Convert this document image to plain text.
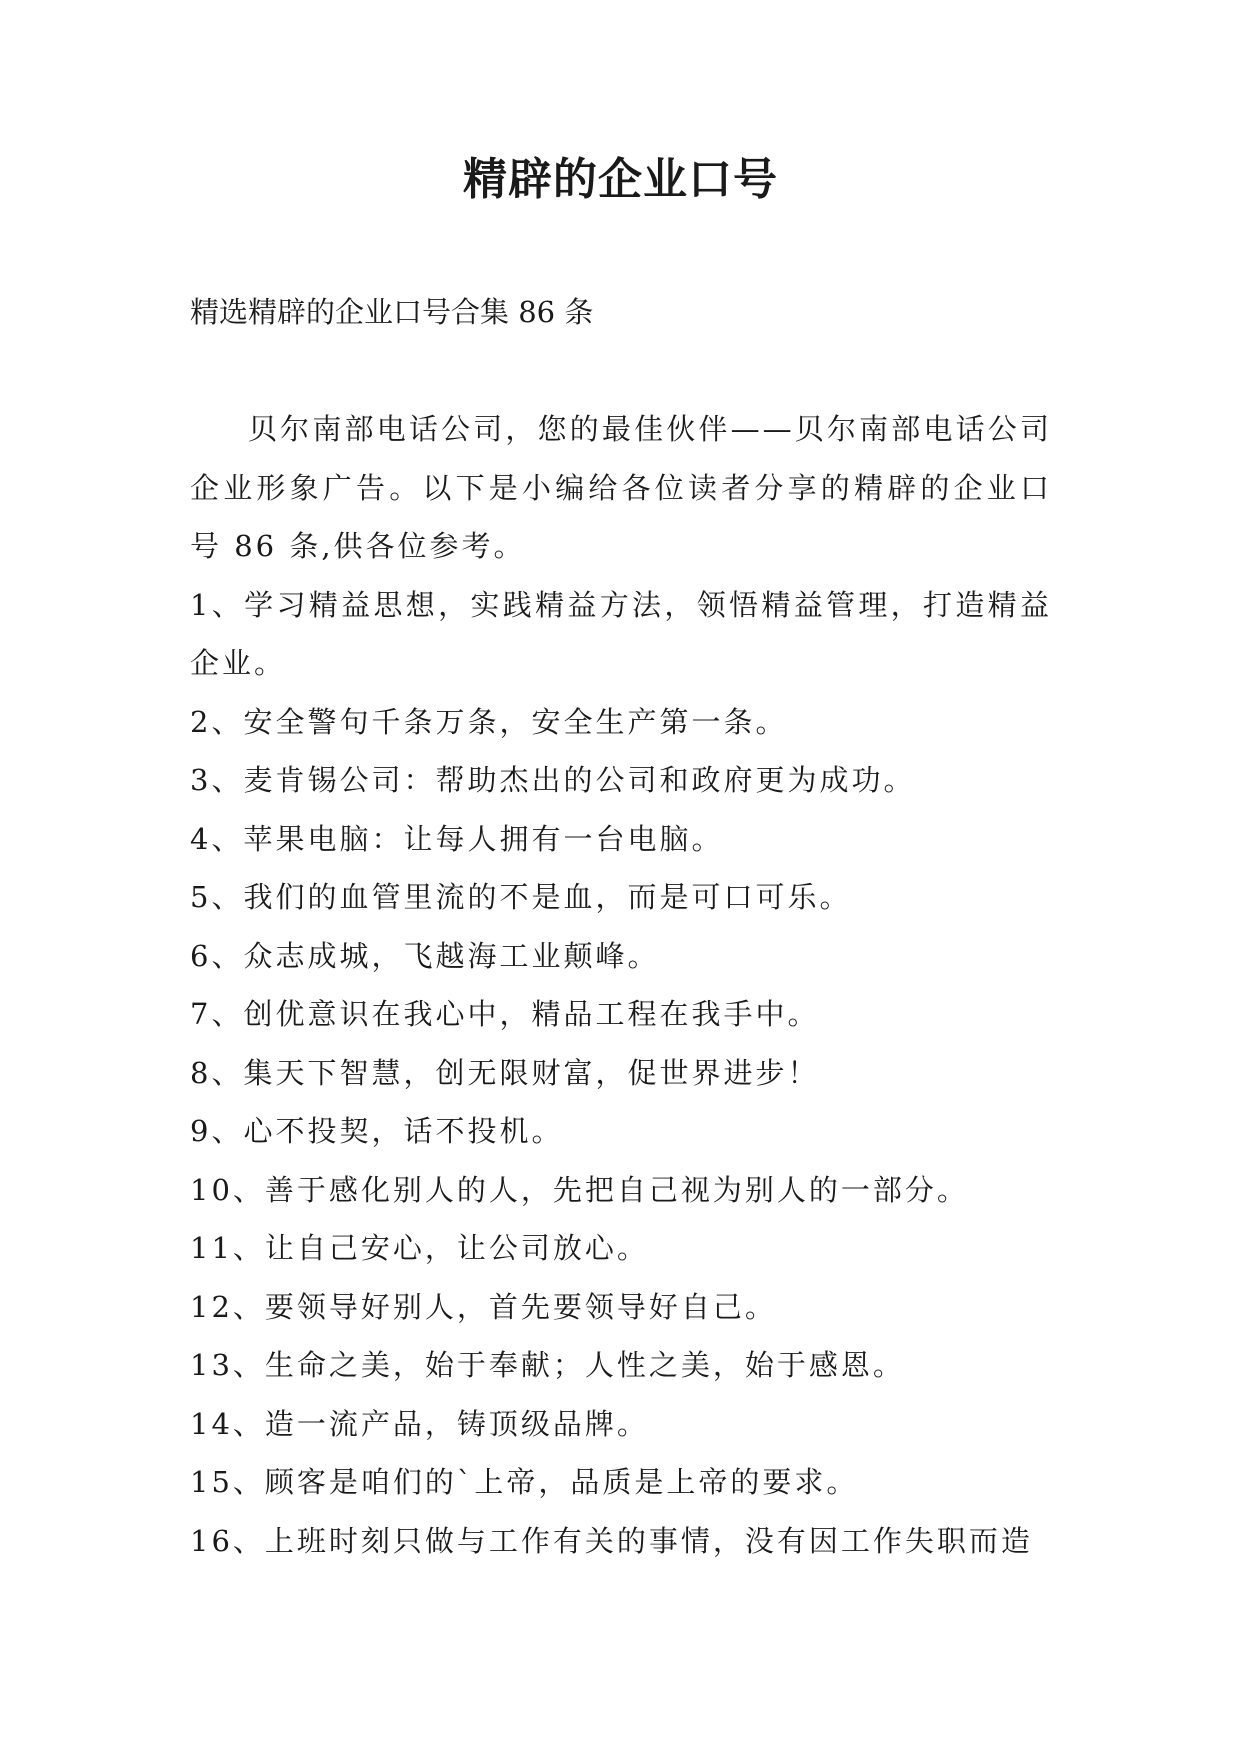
精辟的企业口号
精选精辟的企业口号合集 86 条

贝尔南部电话公司，您的最佳伙伴——贝尔南部电话公司企业形象广告。以下是小编给各位读者分享的精辟的企业口号 86 条,供各位参考。

1、学习精益思想，实践精益方法，领悟精益管理，打造精益企业。
2、安全警句千条万条，安全生产第一条。
3、麦肯锡公司：帮助杰出的公司和政府更为成功。
4、苹果电脑：让每人拥有一台电脑。
5、我们的血管里流的不是血，而是可口可乐。
6、众志成城，飞越海工业颠峰。
7、创优意识在我心中，精品工程在我手中。
8、集天下智慧，创无限财富，促世界进步！
9、心不投契，话不投机。
10、善于感化别人的人，先把自己视为别人的一部分。
11、让自己安心，让公司放心。
12、要领导好别人，首先要领导好自己。
13、生命之美，始于奉献；人性之美，始于感恩。
14、造一流产品，铸顶级品牌。
15、顾客是咱们的`上帝，品质是上帝的要求。
16、上班时刻只做与工作有关的事情，没有因工作失职而造
